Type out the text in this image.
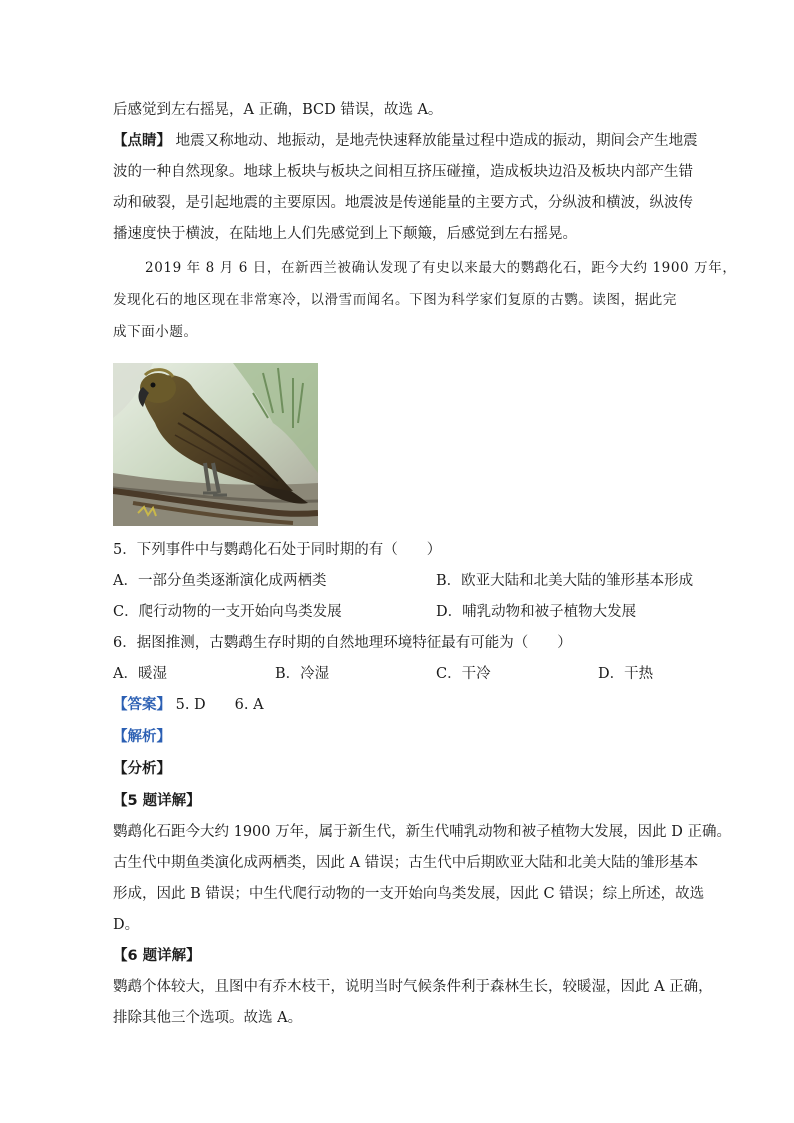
后感觉到左右摇晃，A 正确，BCD 错误，故选 A。
【点睛】 地震又称地动、地振动，是地壳快速释放能量过程中造成的振动，期间会产生地震
波的一种自然现象。地球上板块与板块之间相互挤压碰撞，造成板块边沿及板块内部产生错
动和破裂，是引起地震的主要原因。地震波是传递能量的主要方式，分纵波和横波，纵波传
播速度快于横波，在陆地上人们先感觉到上下颠簸，后感觉到左右摇晃。
2019 年 8 月 6 日，在新西兰被确认发现了有史以来最大的鹦鹉化石，距今大约 1900 万年，
发现化石的地区现在非常寒冷，以滑雪而闻名。下图为科学家们复原的古鹦。读图，据此完
成下面小题。
5．下列事件中与鹦鹉化石处于同时期的有（　　）
A．一部分鱼类逐渐演化成两栖类	B．欧亚大陆和北美大陆的雏形基本形成
C．爬行动物的一支开始向鸟类发展	D．哺乳动物和被子植物大发展
6．据图推测，古鹦鹉生存时期的自然地理环境特征最有可能为（　　）
A．暖湿	B．冷湿	C．干冷	D．干热
【答案】 5. D　　6. A
【解析】
【分析】
【5 题详解】
鹦鹉化石距今大约 1900 万年，属于新生代，新生代哺乳动物和被子植物大发展，因此 D 正确。
古生代中期鱼类演化成两栖类，因此 A 错误；古生代中后期欧亚大陆和北美大陆的雏形基本
形成，因此 B 错误；中生代爬行动物的一支开始向鸟类发展，因此 C 错误；综上所述，故选
D。
【6 题详解】
鹦鹉个体较大，且图中有乔木枝干，说明当时气候条件利于森林生长，较暖湿，因此 A 正确，
排除其他三个选项。故选 A。
